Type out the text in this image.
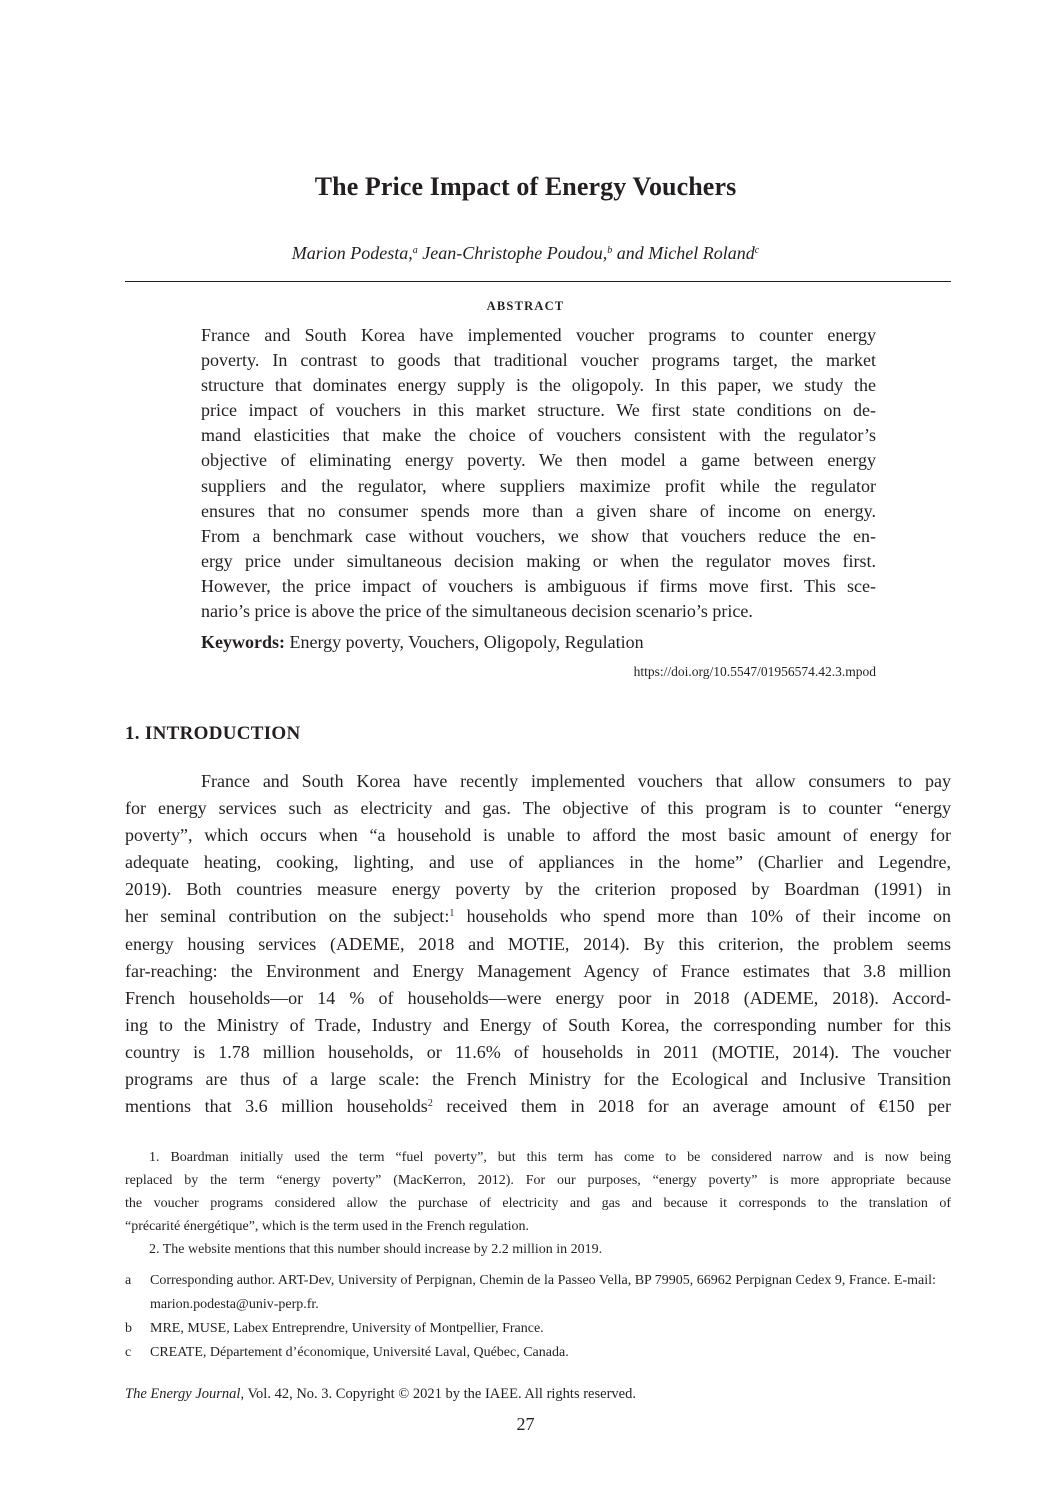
The Price Impact of Energy Vouchers
Marion Podesta,$^a$ Jean-Christophe Poudou,$^b$ and Michel Roland$^c$
ABSTRACT
France and South Korea have implemented voucher programs to counter energy
poverty. In contrast to goods that traditional voucher programs target, the market
structure that dominates energy supply is the oligopoly. In this paper, we study the
price impact of vouchers in this market structure. We first state conditions on de-
mand elasticities that make the choice of vouchers consistent with the regulator’s
objective of eliminating energy poverty. We then model a game between energy
suppliers and the regulator, where suppliers maximize profit while the regulator
ensures that no consumer spends more than a given share of income on energy.
From a benchmark case without vouchers, we show that vouchers reduce the en-
ergy price under simultaneous decision making or when the regulator moves first.
However, the price impact of vouchers is ambiguous if firms move first. This sce-
nario’s price is above the price of the simultaneous decision scenario’s price.
Keywords: Energy poverty, Vouchers, Oligopoly, Regulation
https://doi.org/10.5547/01956574.42.3.mpod
1. INTRODUCTION
France and South Korea have recently implemented vouchers that allow consumers to pay
for energy services such as electricity and gas. The objective of this program is to counter “energy
poverty”, which occurs when “a household is unable to afford the most basic amount of energy for
adequate heating, cooking, lighting, and use of appliances in the home” (Charlier and Legendre,
2019). Both countries measure energy poverty by the criterion proposed by Boardman (1991) in
her seminal contribution on the subject:$^1$ households who spend more than 10% of their income on
energy housing services (ADEME, 2018 and MOTIE, 2014). By this criterion, the problem seems
far-reaching: the Environment and Energy Management Agency of France estimates that 3.8 million
French households—or 14 % of households—were energy poor in 2018 (ADEME, 2018). Accord-
ing to the Ministry of Trade, Industry and Energy of South Korea, the corresponding number for this
country is 1.78 million households, or 11.6% of households in 2011 (MOTIE, 2014). The voucher
programs are thus of a large scale: the French Ministry for the Ecological and Inclusive Transition
mentions that 3.6 million households$^2$ received them in 2018 for an average amount of €150 per
1. Boardman initially used the term “fuel poverty”, but this term has come to be considered narrow and is now being
replaced by the term “energy poverty” (MacKerron, 2012). For our purposes, “energy poverty” is more appropriate because
the voucher programs considered allow the purchase of electricity and gas and because it corresponds to the translation of
“précarité énergétique”, which is the term used in the French regulation.
2. The website mentions that this number should increase by 2.2 million in 2019.
a Corresponding author. ART-Dev, University of Perpignan, Chemin de la Passeo Vella, BP 79905, 66962 Perpignan Cedex 9, France. E-mail: marion.podesta@univ-perp.fr.
b MRE, MUSE, Labex Entreprendre, University of Montpellier, France.
c CREATE, Département d’économique, Université Laval, Québec, Canada.
The Energy Journal, Vol. 42, No. 3. Copyright © 2021 by the IAEE. All rights reserved.
27
